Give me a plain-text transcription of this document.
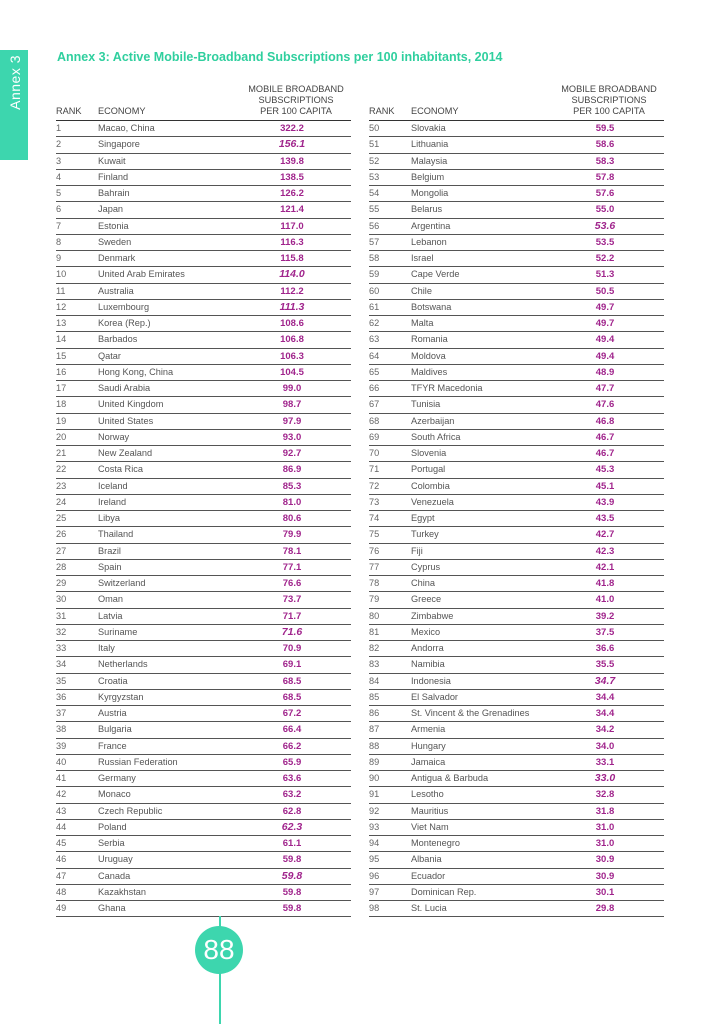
Annex 3	Annex 3: Active Mobile-Broadband Subscriptions per 100 inhabitants, 2014
RANK	ECONOMY	MOBILE BROADBAND
SUBSCRIPTIONS
PER 100 CAPITA
1	Macao, China	322.2
2	Singapore	156.1
3	Kuwait	139.8
4	Finland	138.5
5	Bahrain	126.2
6	Japan	121.4
7	Estonia	117.0
8	Sweden	116.3
9	Denmark	115.8
10	United Arab Emirates	114.0
11	Australia	112.2
12	Luxembourg	111.3
13	Korea (Rep.)	108.6
14	Barbados	106.8
15	Qatar	106.3
16	Hong Kong, China	104.5
17	Saudi Arabia	99.0
18	United Kingdom	98.7
19	United States	97.9
20	Norway	93.0
21	New Zealand	92.7
22	Costa Rica	86.9
23	Iceland	85.3
24	Ireland	81.0
25	Libya	80.6
26	Thailand	79.9
27	Brazil	78.1
28	Spain	77.1
29	Switzerland	76.6
30	Oman	73.7
31	Latvia	71.7
32	Suriname	71.6
33	Italy	70.9
34	Netherlands	69.1
35	Croatia	68.5
36	Kyrgyzstan	68.5
37	Austria	67.2
38	Bulgaria	66.4
39	France	66.2
40	Russian Federation	65.9
41	Germany	63.6
42	Monaco	63.2
43	Czech Republic	62.8
44	Poland	62.3
45	Serbia	61.1
46	Uruguay	59.8
47	Canada	59.8
48	Kazakhstan	59.8
49	Ghana	59.8
RANK	ECONOMY	MOBILE BROADBAND
SUBSCRIPTIONS
PER 100 CAPITA
50	Slovakia	59.5
51	Lithuania	58.6
52	Malaysia	58.3
53	Belgium	57.8
54	Mongolia	57.6
55	Belarus	55.0
56	Argentina	53.6
57	Lebanon	53.5
58	Israel	52.2
59	Cape Verde	51.3
60	Chile	50.5
61	Botswana	49.7
62	Malta	49.7
63	Romania	49.4
64	Moldova	49.4
65	Maldives	48.9
66	TFYR Macedonia	47.7
67	Tunisia	47.6
68	Azerbaijan	46.8
69	South Africa	46.7
70	Slovenia	46.7
71	Portugal	45.3
72	Colombia	45.1
73	Venezuela	43.9
74	Egypt	43.5
75	Turkey	42.7
76	Fiji	42.3
77	Cyprus	42.1
78	China	41.8
79	Greece	41.0
80	Zimbabwe	39.2
81	Mexico	37.5
82	Andorra	36.6
83	Namibia	35.5
84	Indonesia	34.7
85	El Salvador	34.4
86	St. Vincent & the Grenadines	34.4
87	Armenia	34.2
88	Hungary	34.0
89	Jamaica	33.1
90	Antigua & Barbuda	33.0
91	Lesotho	32.8
92	Mauritius	31.8
93	Viet Nam	31.0
94	Montenegro	31.0
95	Albania	30.9
96	Ecuador	30.9
97	Dominican Rep.	30.1
98	St. Lucia	29.8
88
